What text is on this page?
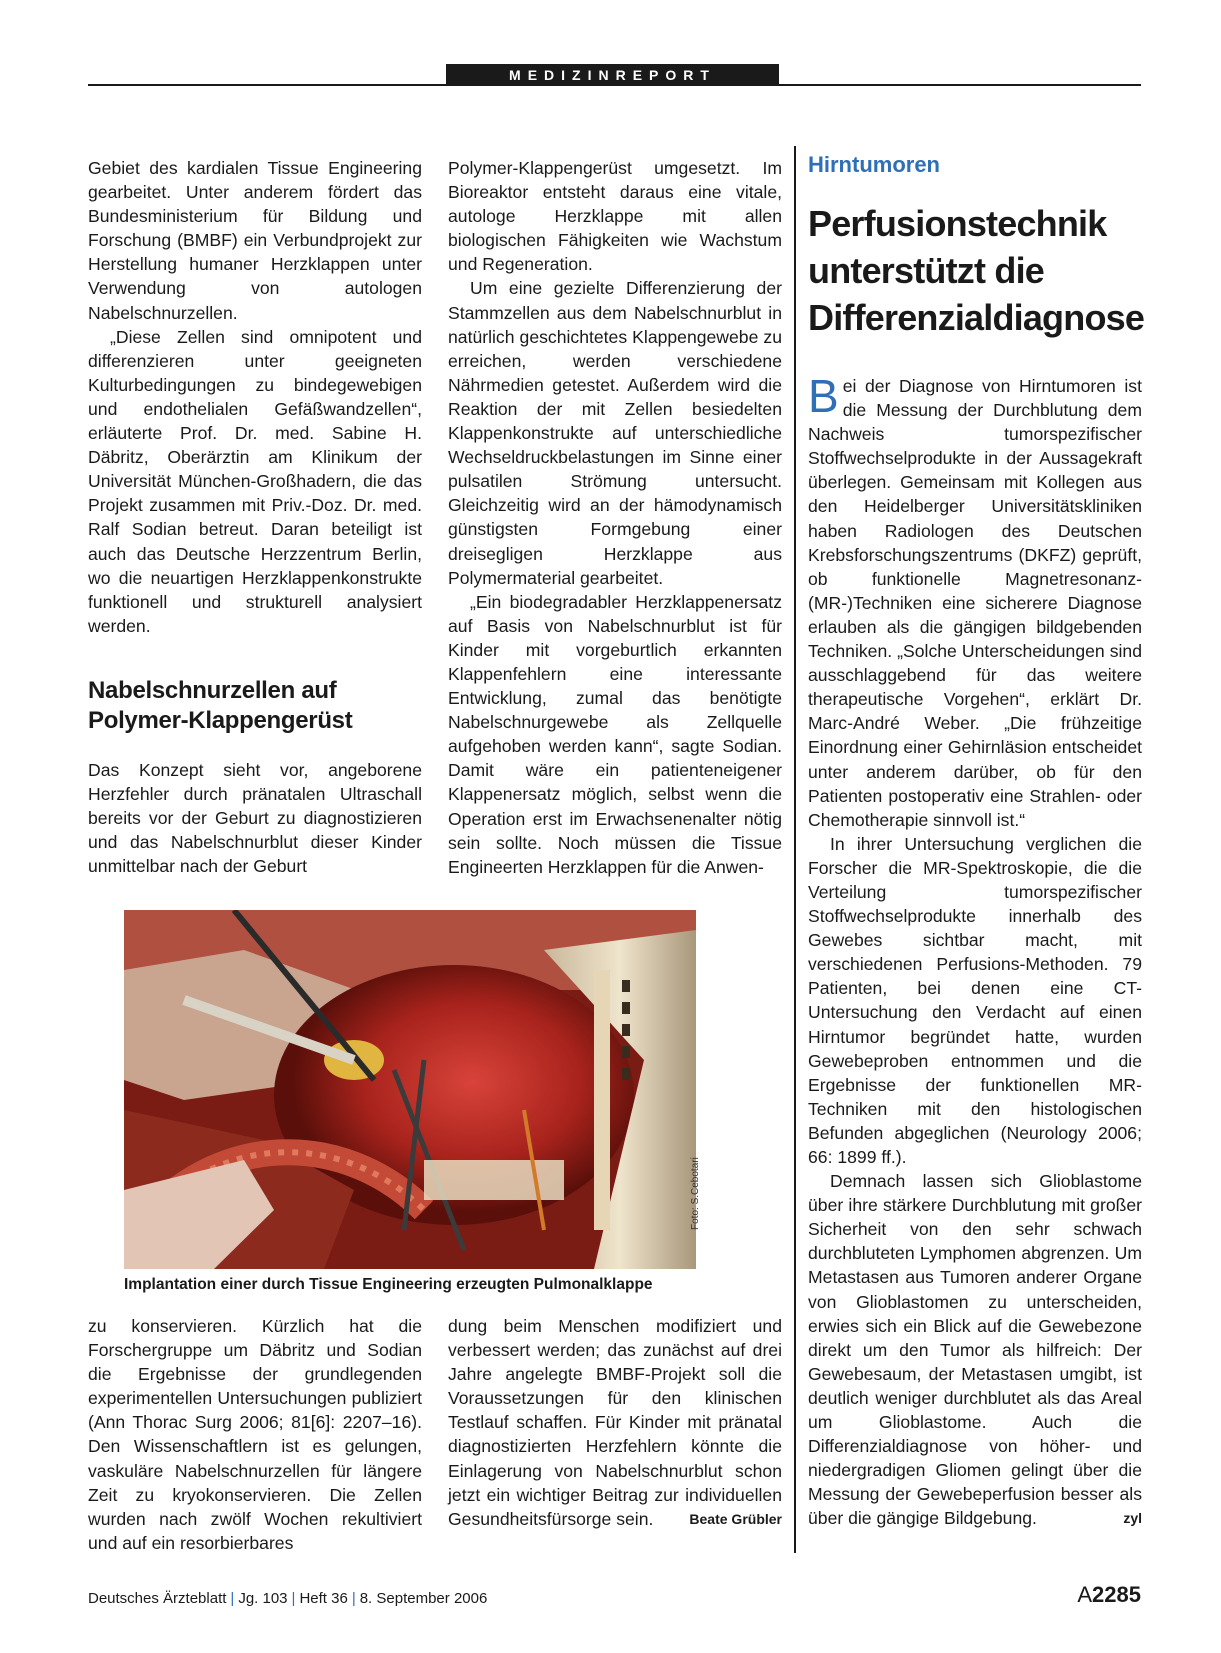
MEDIZINREPORT

Gebiet des kardialen Tissue Engineering gearbeitet. Unter anderem fördert das Bundesministerium für Bildung und Forschung (BMBF) ein Verbundprojekt zur Herstellung humaner Herzklappen unter Verwendung von autologen Nabelschnurzellen.

„Diese Zellen sind omnipotent und differenzieren unter geeigneten Kulturbedingungen zu bindegewebigen und endothelialen Gefäßwandzellen“, erläuterte Prof. Dr. med. Sabine H. Däbritz, Oberärztin am Klinikum der Universität München-Großhadern, die das Projekt zusammen mit Priv.-Doz. Dr. med. Ralf Sodian betreut. Daran beteiligt ist auch das Deutsche Herzzentrum Berlin, wo die neuartigen Herzklappenkonstrukte funktionell und strukturell analysiert werden.

Nabelschnurzellen auf Polymer-Klappengerüst

Das Konzept sieht vor, angeborene Herzfehler durch pränatalen Ultraschall bereits vor der Geburt zu diagnostizieren und das Nabelschnurblut dieser Kinder unmittelbar nach der Geburt

Polymer-Klappengerüst umgesetzt. Im Bioreaktor entsteht daraus eine vitale, autologe Herzklappe mit allen biologischen Fähigkeiten wie Wachstum und Regeneration.

Um eine gezielte Differenzierung der Stammzellen aus dem Nabelschnurblut in natürlich geschichtetes Klappengewebe zu erreichen, werden verschiedene Nährmedien getestet. Außerdem wird die Reaktion der mit Zellen besiedelten Klappenkonstrukte auf unterschiedliche Wechseldruckbelastungen im Sinne einer pulsatilen Strömung untersucht. Gleichzeitig wird an der hämodynamisch günstigsten Formgebung einer dreisegligen Herzklappe aus Polymermaterial gearbeitet.

„Ein biodegradabler Herzklappenersatz auf Basis von Nabelschnurblut ist für Kinder mit vorgeburtlich erkannten Klappenfehlern eine interessante Entwicklung, zumal das benötigte Nabelschnurgewebe als Zellquelle aufgehoben werden kann“, sagte Sodian. Damit wäre ein patienteneigener Klappenersatz möglich, selbst wenn die Operation erst im Erwachsenenalter nötig sein sollte. Noch müssen die Tissue Engineerten Herzklappen für die Anwen-

Foto: S.Cebotari
Implantation einer durch Tissue Engineering erzeugten Pulmonalklappe

zu konservieren. Kürzlich hat die Forschergruppe um Däbritz und Sodian die Ergebnisse der grundlegenden experimentellen Untersuchungen publiziert (Ann Thorac Surg 2006; 81[6]: 2207–16). Den Wissenschaftlern ist es gelungen, vaskuläre Nabelschnurzellen für längere Zeit zu kryokonservieren. Die Zellen wurden nach zwölf Wochen rekultiviert und auf ein resorbierbares

dung beim Menschen modifiziert und verbessert werden; das zunächst auf drei Jahre angelegte BMBF-Projekt soll die Voraussetzungen für den klinischen Testlauf schaffen. Für Kinder mit pränatal diagnostizierten Herzfehlern könnte die Einlagerung von Nabelschnurblut schon jetzt ein wichtiger Beitrag zur individuellen Gesundheitsfürsorge sein.	Beate Grübler

Hirntumoren
Perfusionstechnik unterstützt die Differenzialdiagnose

Bei der Diagnose von Hirntumoren ist die Messung der Durchblutung dem Nachweis tumorspezifischer Stoffwechselprodukte in der Aussagekraft überlegen. Gemeinsam mit Kollegen aus den Heidelberger Universitätskliniken haben Radiologen des Deutschen Krebsforschungszentrums (DKFZ) geprüft, ob funktionelle Magnetresonanz-(MR-)Techniken eine sicherere Diagnose erlauben als die gängigen bildgebenden Techniken. „Solche Unterscheidungen sind ausschlaggebend für das weitere therapeutische Vorgehen“, erklärt Dr. Marc-André Weber. „Die frühzeitige Einordnung einer Gehirnläsion entscheidet unter anderem darüber, ob für den Patienten postoperativ eine Strahlen- oder Chemotherapie sinnvoll ist.“

In ihrer Untersuchung verglichen die Forscher die MR-Spektroskopie, die die Verteilung tumorspezifischer Stoffwechselprodukte innerhalb des Gewebes sichtbar macht, mit verschiedenen Perfusions-Methoden. 79 Patienten, bei denen eine CT-Untersuchung den Verdacht auf einen Hirntumor begründet hatte, wurden Gewebeproben entnommen und die Ergebnisse der funktionellen MR-Techniken mit den histologischen Befunden abgeglichen (Neurology 2006; 66: 1899 ff.).

Demnach lassen sich Glioblastome über ihre stärkere Durchblutung mit großer Sicherheit von den sehr schwach durchbluteten Lymphomen abgrenzen. Um Metastasen aus Tumoren anderer Organe von Glioblastomen zu unterscheiden, erwies sich ein Blick auf die Gewebezone direkt um den Tumor als hilfreich: Der Gewebesaum, der Metastasen umgibt, ist deutlich weniger durchblutet als das Areal um Glioblastome. Auch die Differenzialdiagnose von höher- und niedergradigen Gliomen gelingt über die Messung der Gewebeperfusion besser als über die gängige Bildgebung.	zyl

Deutsches Ärzteblatt | Jg. 103 | Heft 36 | 8. September 2006	A2285
